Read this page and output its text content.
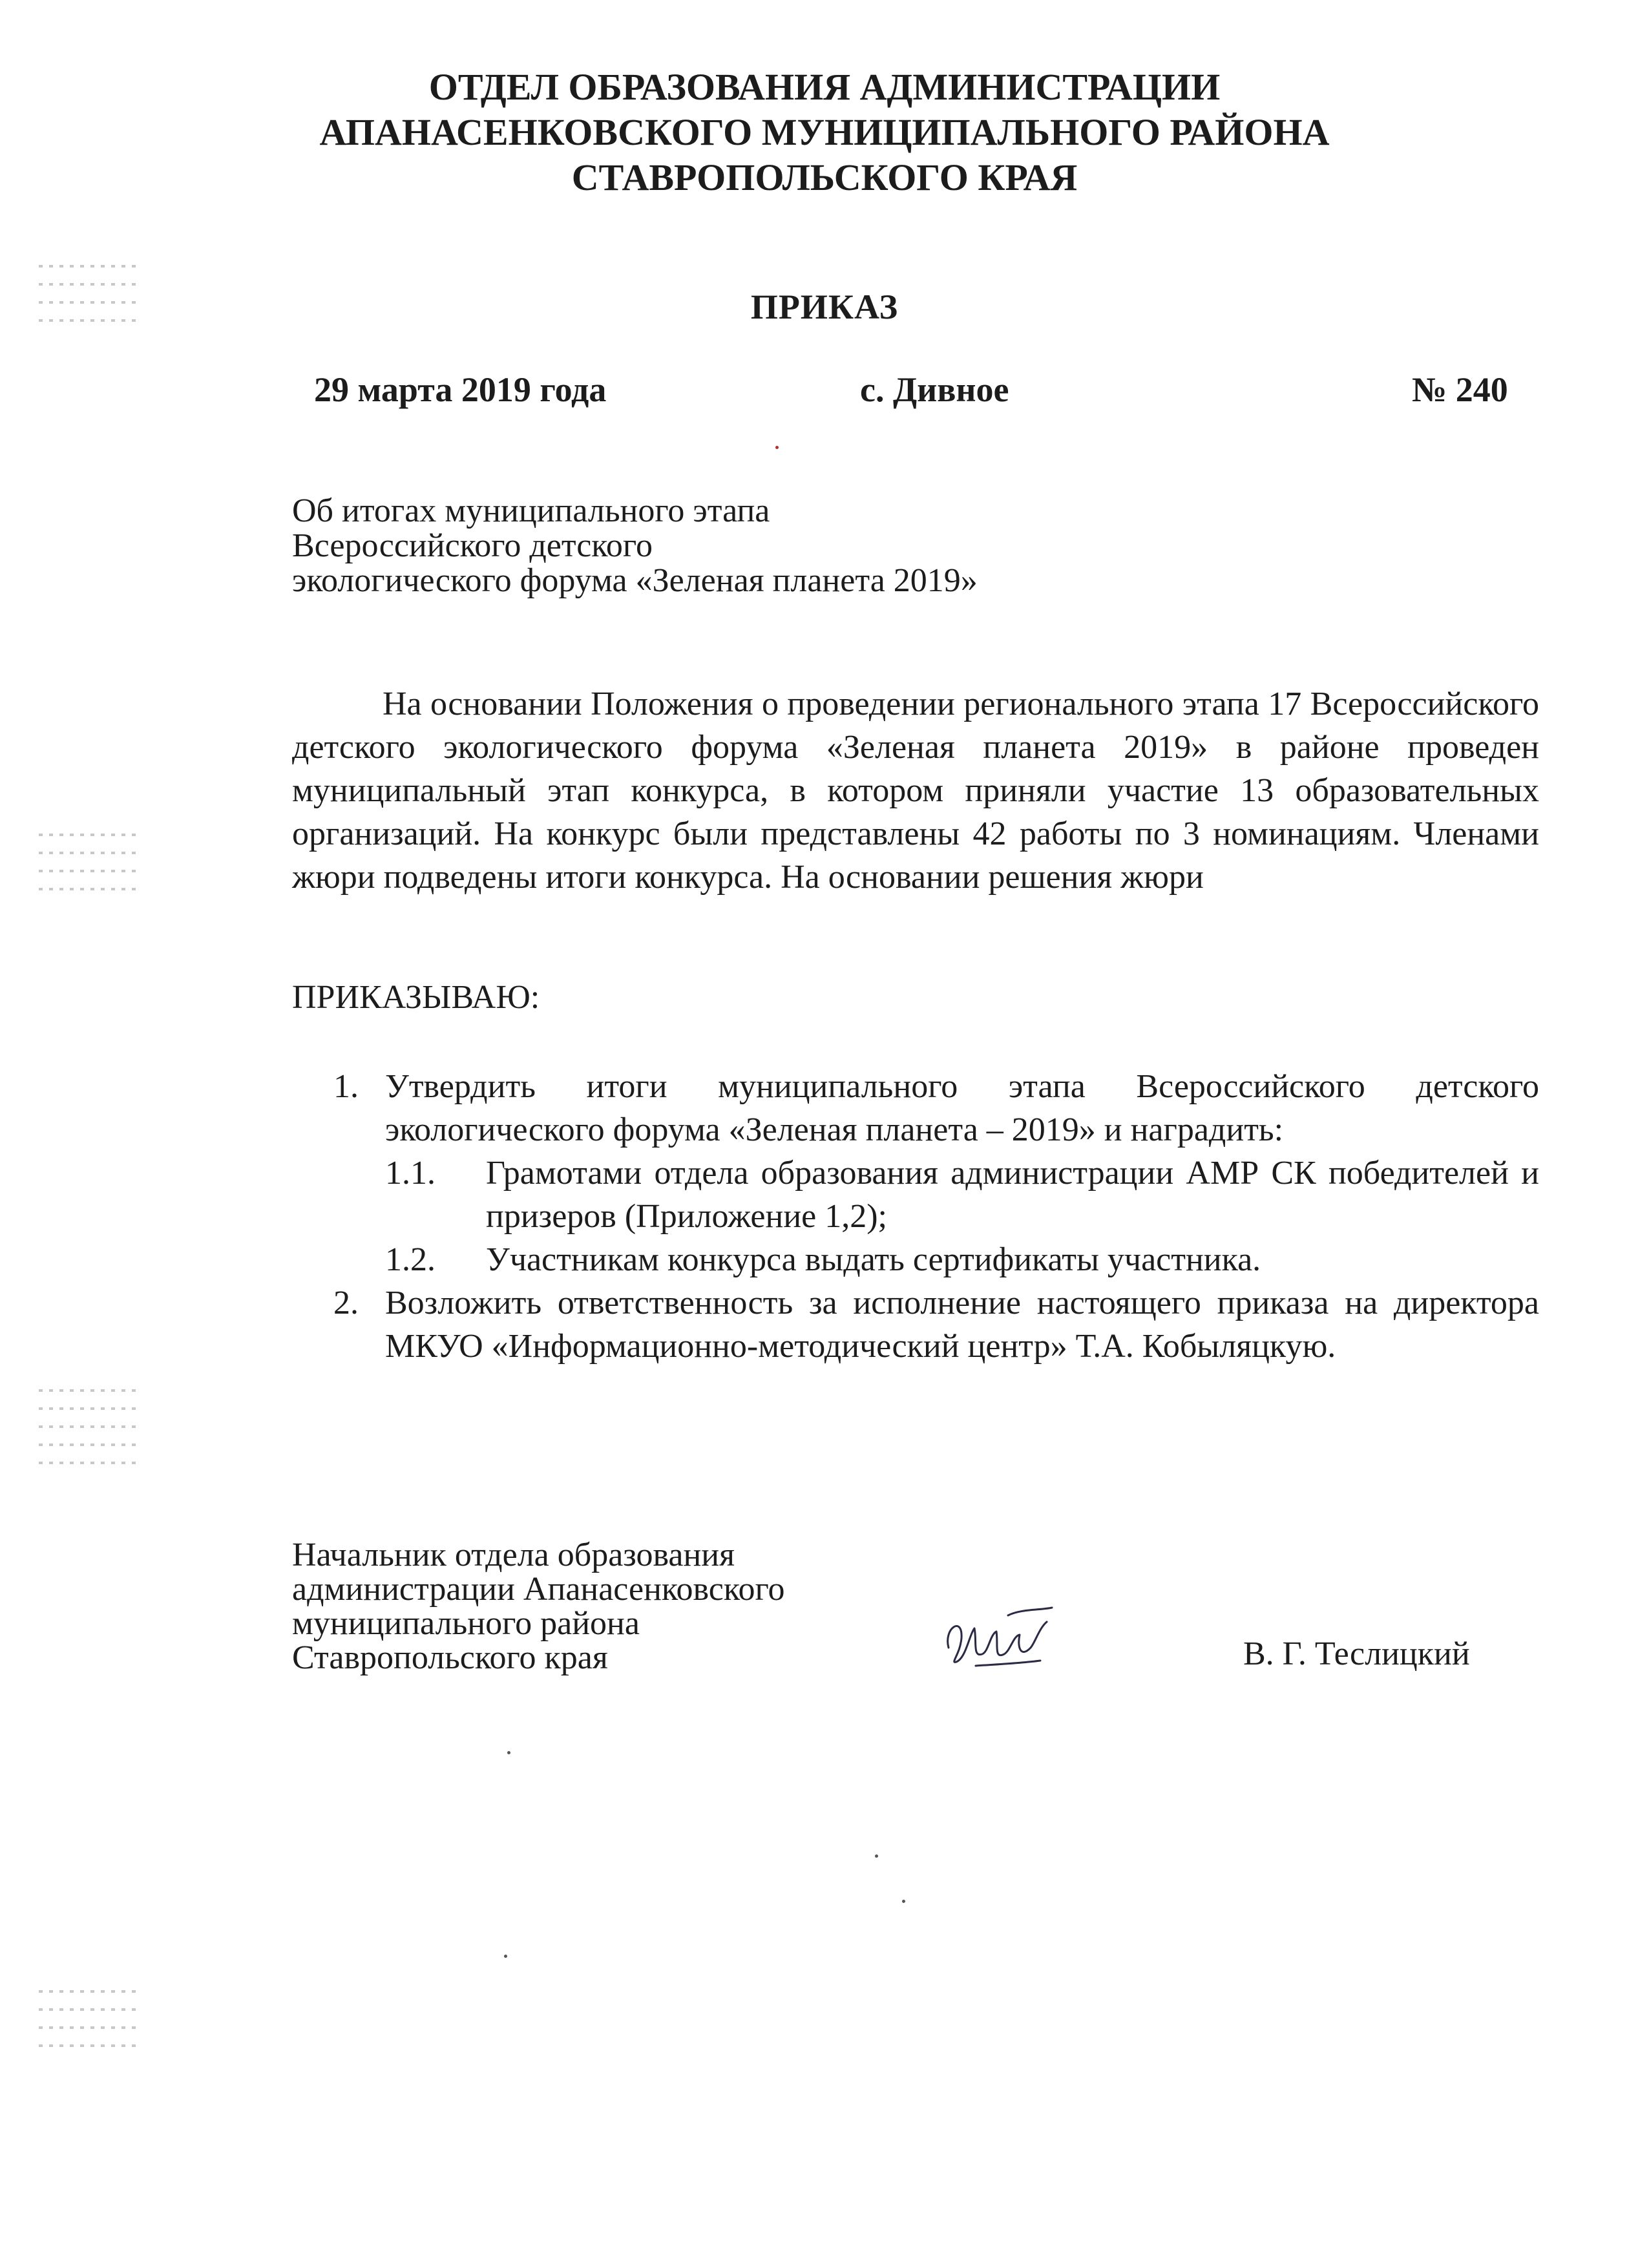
ОТДЕЛ ОБРАЗОВАНИЯ АДМИНИСТРАЦИИ
АПАНАСЕНКОВСКОГО МУНИЦИПАЛЬНОГО РАЙОНА
СТАВРОПОЛЬСКОГО КРАЯ
ПРИКАЗ
29 марта 2019 года	с. Дивное	№ 240
Об итогах муниципального этапа
Всероссийского детского
экологического форума «Зеленая планета 2019»
На основании Положения о проведении регионального этапа 17 Всероссийского детского экологического форума «Зеленая планета 2019» в районе проведен муниципальный этап конкурса, в котором приняли участие 13 образовательных организаций. На конкурс были представлены 42 работы по 3 номинациям. Членами жюри подведены итоги конкурса. На основании решения жюри
ПРИКАЗЫВАЮ:
1. Утвердить итоги муниципального этапа Всероссийского детского экологического форума «Зеленая планета – 2019» и наградить:
1.1. Грамотами отдела образования администрации АМР СК победителей и призеров (Приложение 1,2);
1.2. Участникам конкурса выдать сертификаты участника.
2. Возложить ответственность за исполнение настоящего приказа на директора МКУО «Информационно-методический центр» Т.А. Кобыляцкую.
Начальник отдела образования
администрации Апанасенковского
муниципального района
Ставропольского края	В. Г. Теслицкий
